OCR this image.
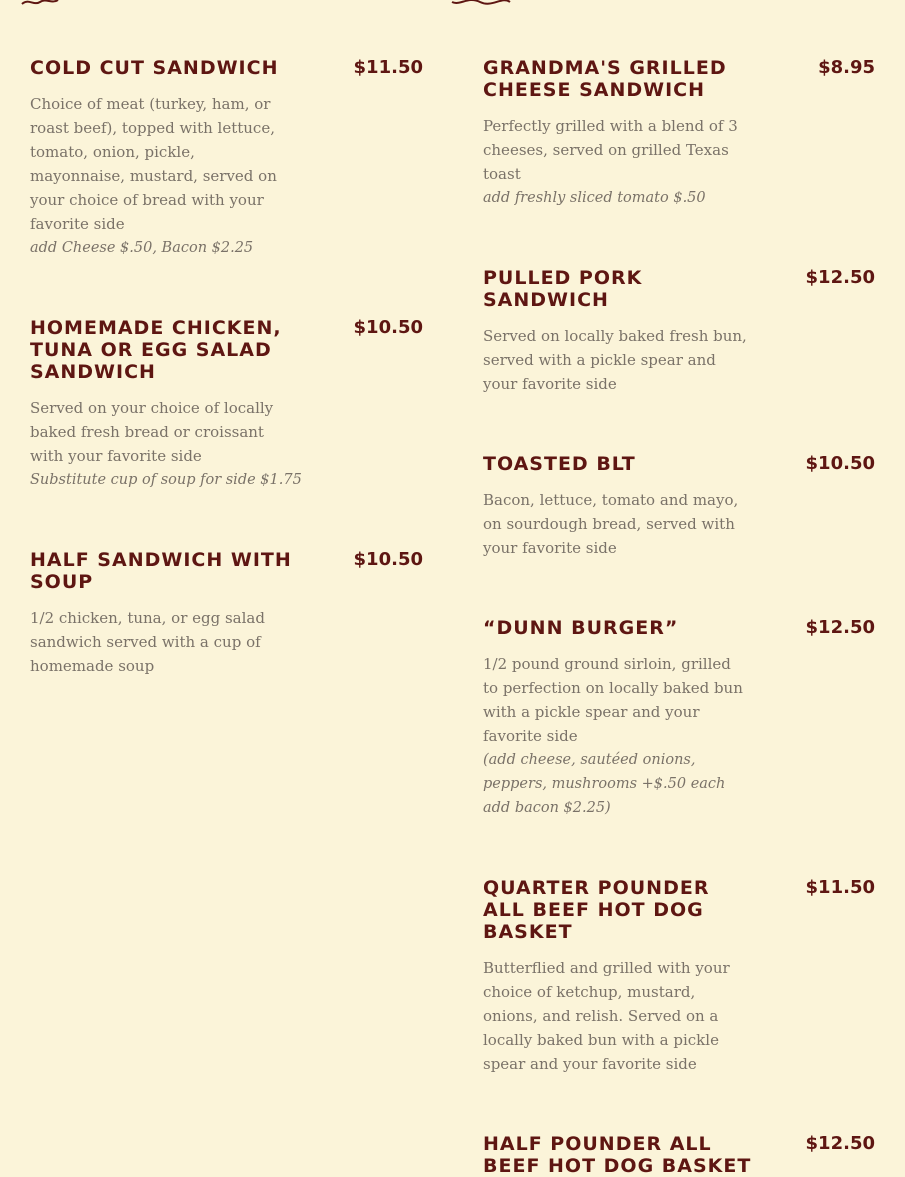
COLD CUT SANDWICH	$11.50

Choice of meat (turkey, ham, or roast beef), topped with lettuce, tomato, onion, pickle, mayonnaise, mustard, served on your choice of bread with your favorite side

add Cheese $.50, Bacon $2.25

HOMEMADE CHICKEN, TUNA OR EGG SALAD SANDWICH
$10.50

Served on your choice of locally baked fresh bread or croissant with your favorite side

Substitute cup of soup for side $1.75

HALF SANDWICH WITH SOUP
$10.50

1/2 chicken, tuna, or egg salad sandwich served with a cup of homemade soup

GRANDMA'S GRILLED CHEESE SANDWICH
$8.95

Perfectly grilled with a blend of 3 cheeses, served on grilled Texas toast

add freshly sliced tomato $.50

PULLED PORK SANDWICH
$12.50

Served on locally baked fresh bun, served with a pickle spear and your favorite side

TOASTED BLT	$10.50

Bacon, lettuce, tomato and mayo, on sourdough bread, served with your favorite side

“DUNN BURGER”	$12.50

1/2 pound ground sirloin, grilled to perfection on locally baked bun with a pickle spear and your favorite side

(add cheese, sautéed onions, peppers, mushrooms +$.50 each add bacon $2.25)

QUARTER POUNDER ALL BEEF HOT DOG BASKET
$11.50

Butterflied and grilled with your choice of ketchup, mustard, onions, and relish. Served on a locally baked bun with a pickle spear and your favorite side

HALF POUNDER ALL BEEF HOT DOG BASKET
$12.50
